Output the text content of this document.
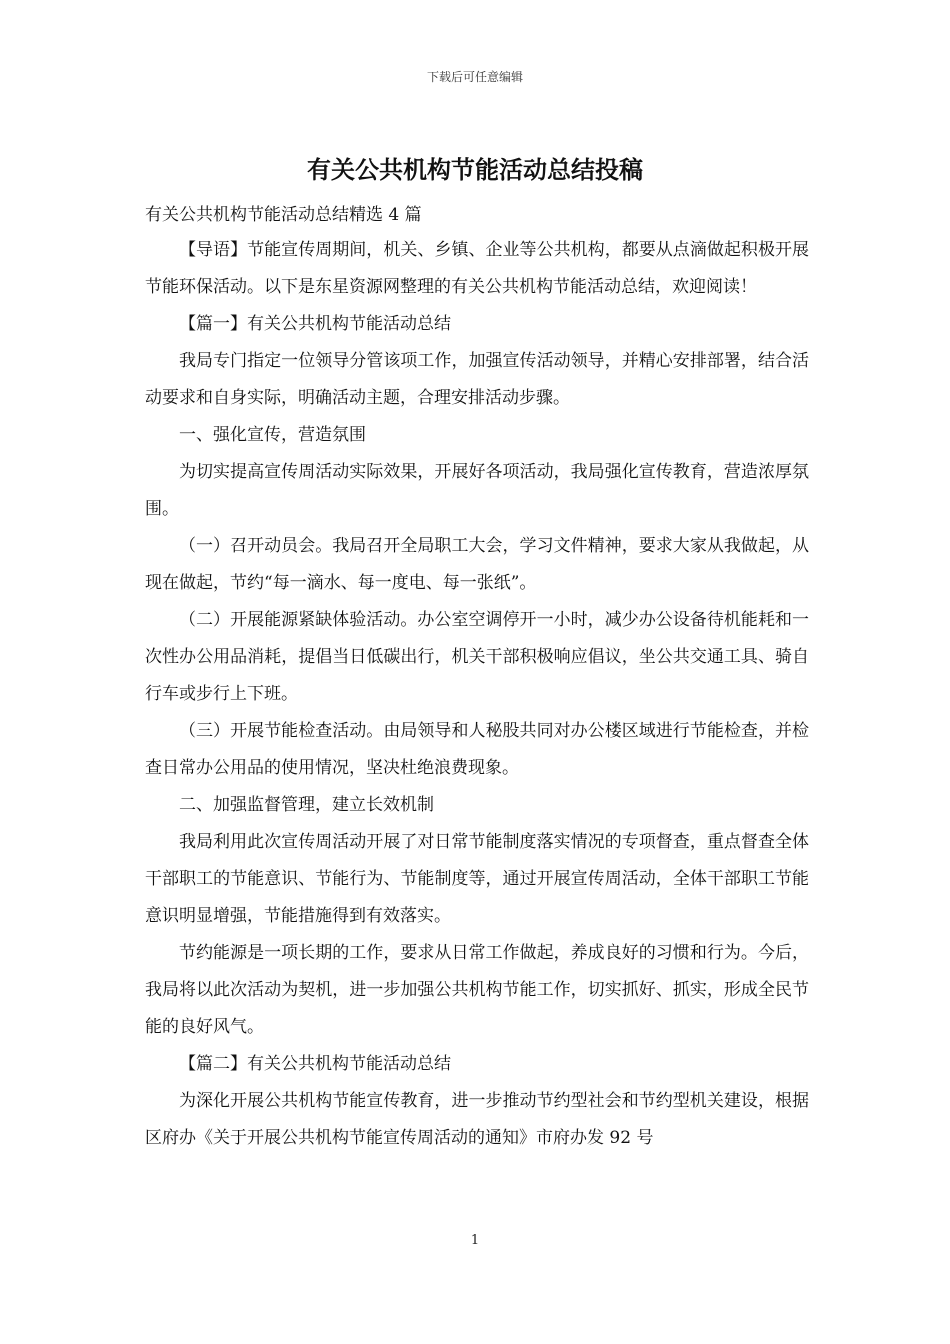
下载后可任意编辑
有关公共机构节能活动总结投稿

有关公共机构节能活动总结精选 4 篇

【导语】节能宣传周期间，机关、乡镇、企业等公共机构，都要从点滴做起积极开展节能环保活动。以下是东星资源网整理的有关公共机构节能活动总结，欢迎阅读！

【篇一】有关公共机构节能活动总结

我局专门指定一位领导分管该项工作，加强宣传活动领导，并精心安排部署，结合活动要求和自身实际，明确活动主题，合理安排活动步骤。

一、强化宣传，营造氛围

为切实提高宣传周活动实际效果，开展好各项活动，我局强化宣传教育，营造浓厚氛围。

（一）召开动员会。我局召开全局职工大会，学习文件精神，要求大家从我做起，从现在做起，节约“每一滴水、每一度电、每一张纸”。

（二）开展能源紧缺体验活动。办公室空调停开一小时，减少办公设备待机能耗和一次性办公用品消耗，提倡当日低碳出行，机关干部积极响应倡议，坐公共交通工具、骑自行车或步行上下班。

（三）开展节能检查活动。由局领导和人秘股共同对办公楼区域进行节能检查，并检查日常办公用品的使用情况，坚决杜绝浪费现象。

二、加强监督管理，建立长效机制

我局利用此次宣传周活动开展了对日常节能制度落实情况的专项督查，重点督查全体干部职工的节能意识、节能行为、节能制度等，通过开展宣传周活动，全体干部职工节能意识明显增强，节能措施得到有效落实。

节约能源是一项长期的工作，要求从日常工作做起，养成良好的习惯和行为。今后，我局将以此次活动为契机，进一步加强公共机构节能工作，切实抓好、抓实，形成全民节能的良好风气。

【篇二】有关公共机构节能活动总结

为深化开展公共机构节能宣传教育，进一步推动节约型社会和节约型机关建设，根据区府办《关于开展公共机构节能宣传周活动的通知》市府办发 92 号

1
